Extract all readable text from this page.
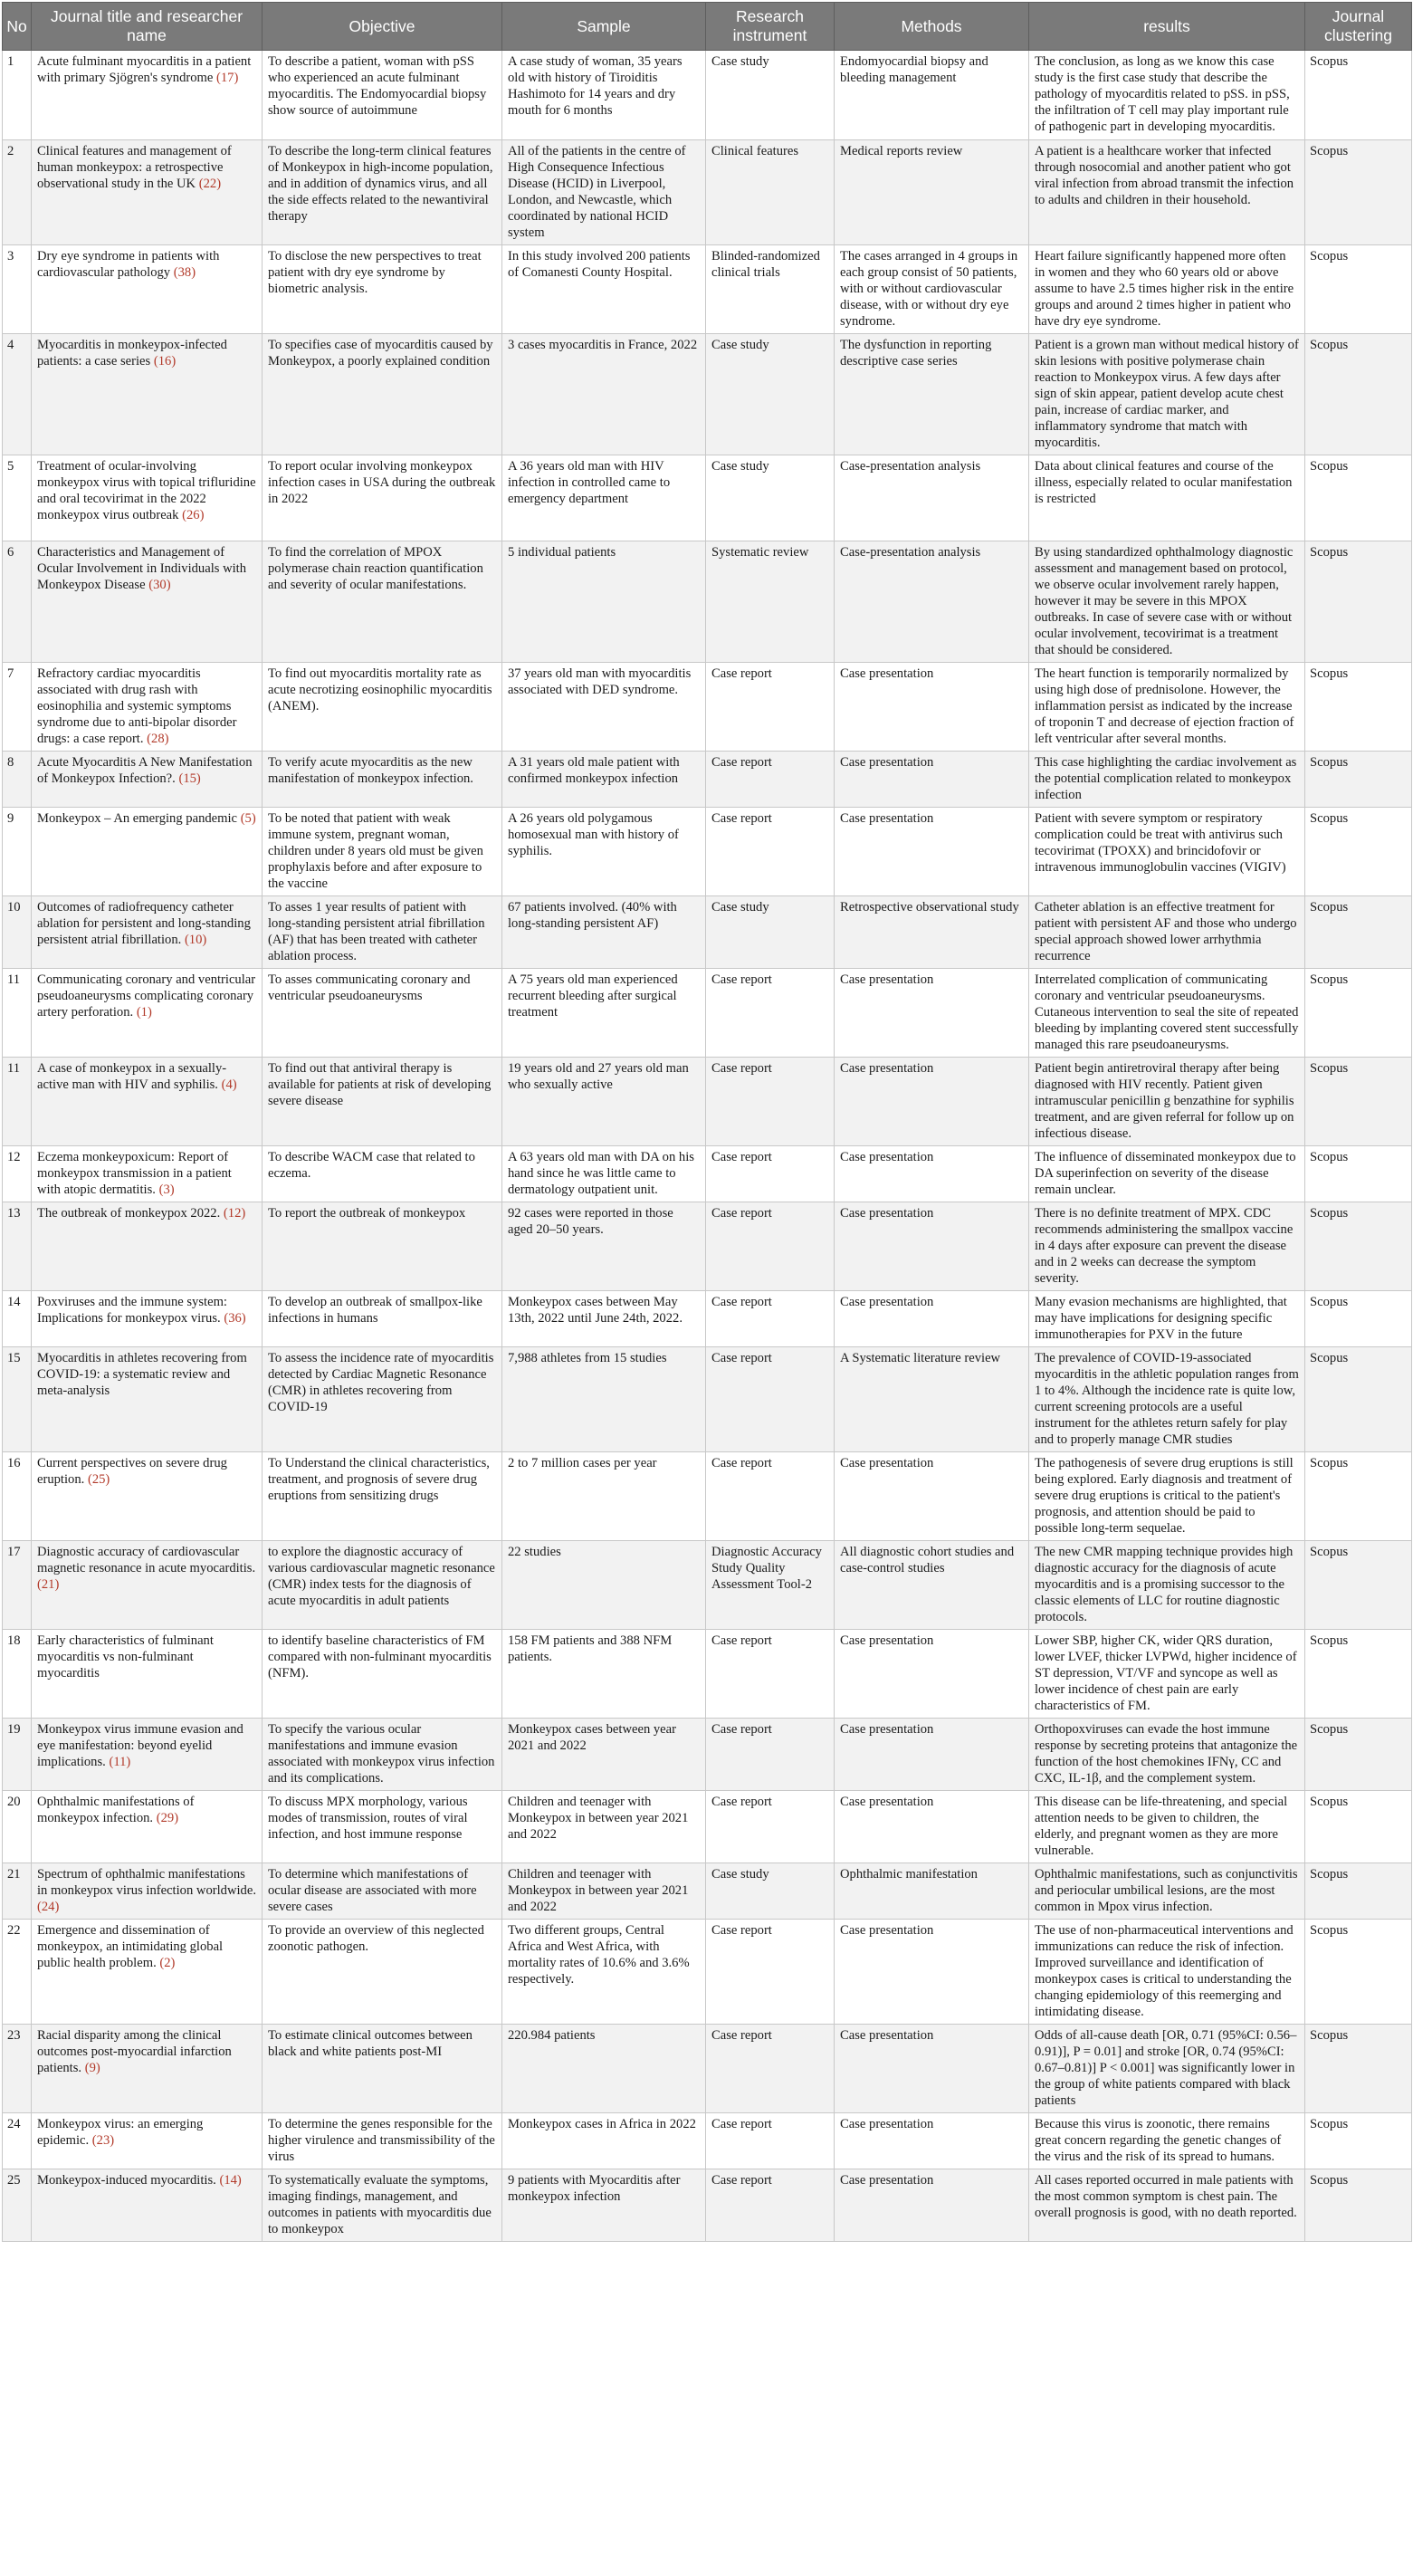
No	Journal title and researcher name	Objective	Sample	Research instrument	Methods	results	Journal clustering
1	Acute fulminant myocarditis in a patient with primary Sjögren's syndrome (17)	To describe a patient, woman with pSS who experienced an acute fulminant myocarditis. The Endomyocardial biopsy show source of autoimmune	A case study of woman, 35 years old with history of Tiroiditis Hashimoto for 14 years and dry mouth for 6 months	Case study	Endomyocardial biopsy and bleeding management	The conclusion, as long as we know this case study is the first case study that describe the pathology of myocarditis related to pSS. in pSS, the infiltration of T cell may play important rule of pathogenic part in developing myocarditis.	Scopus
2	Clinical features and management of human monkeypox: a retrospective observational study in the UK (22)	To describe the long-term clinical features of Monkeypox in high-income population, and in addition of dynamics virus, and all the side effects related to the newantiviral therapy	All of the patients in the centre of High Consequence Infectious Disease (HCID) in Liverpool, London, and Newcastle, which coordinated by national HCID system	Clinical features	Medical reports review	A patient is a healthcare worker that infected through nosocomial and another patient who got viral infection from abroad transmit the infection to adults and children in their household.	Scopus
3	Dry eye syndrome in patients with cardiovascular pathology (38)	To disclose the new perspectives to treat patient with dry eye syndrome by biometric analysis.	In this study involved 200 patients of Comanesti County Hospital.	Blinded-randomized clinical trials	The cases arranged in 4 groups in each group consist of 50 patients, with or without cardiovascular disease, with or without dry eye syndrome.	Heart failure significantly happened more often in women and they who 60 years old or above assume to have 2.5 times higher risk in the entire groups and around 2 times higher in patient who have dry eye syndrome.	Scopus
4	Myocarditis in monkeypox-infected patients: a case series (16)	To specifies case of myocarditis caused by Monkeypox, a poorly explained condition	3 cases myocarditis in France, 2022	Case study	The dysfunction in reporting descriptive case series	Patient is a grown man without medical history of skin lesions with positive polymerase chain reaction to Monkeypox virus. A few days after sign of skin appear, patient develop acute chest pain, increase of cardiac marker, and inflammatory syndrome that match with myocarditis.	Scopus
5	Treatment of ocular-involving monkeypox virus with topical trifluridine and oral tecovirimat in the 2022 monkeypox virus outbreak (26)	To report ocular involving monkeypox infection cases in USA during the outbreak in 2022	A 36 years old man with HIV infection in controlled came to emergency department	Case study	Case-presentation analysis	Data about clinical features and course of the illness, especially related to ocular manifestation is restricted	Scopus
6	Characteristics and Management of Ocular Involvement in Individuals with Monkeypox Disease (30)	To find the correlation of MPOX polymerase chain reaction quantification and severity of ocular manifestations.	5 individual patients	Systematic review	Case-presentation analysis	By using standardized ophthalmology diagnostic assessment and management based on protocol, we observe ocular involvement rarely happen, however it may be severe in this MPOX outbreaks. In case of severe case with or without ocular involvement, tecovirimat is a treatment that should be considered.	Scopus
7	Refractory cardiac myocarditis associated with drug rash with eosinophilia and systemic symptoms syndrome due to anti-bipolar disorder drugs: a case report. (28)	To find out myocarditis mortality rate as acute necrotizing eosinophilic myocarditis (ANEM).	37 years old man with myocarditis associated with DED syndrome.	Case report	Case presentation	The heart function is temporarily normalized by using high dose of prednisolone. However, the inflammation persist as indicated by the increase of troponin T and decrease of ejection fraction of left ventricular after several months.	Scopus
8	Acute Myocarditis A New Manifestation of Monkeypox Infection?. (15)	To verify acute myocarditis as the new manifestation of monkeypox infection.	A 31 years old male patient with confirmed monkeypox infection	Case report	Case presentation	This case highlighting the cardiac involvement as the potential complication related to monkeypox infection	Scopus
9	Monkeypox – An emerging pandemic (5)	To be noted that patient with weak immune system, pregnant woman, children under 8 years old must be given prophylaxis before and after exposure to the vaccine	A 26 years old polygamous homosexual man with history of syphilis.	Case report	Case presentation	Patient with severe symptom or respiratory complication could be treat with antivirus such tecovirimat (TPOXX) and brincidofovir or intravenous immunoglobulin vaccines (VIGIV)	Scopus
10	Outcomes of radiofrequency catheter ablation for persistent and long-standing persistent atrial fibrillation. (10)	To asses 1 year results of patient with long-standing persistent atrial fibrillation (AF) that has been treated with catheter ablation process.	67 patients involved. (40% with long-standing persistent AF)	Case study	Retrospective observational study	Catheter ablation is an effective treatment for patient with persistent AF and those who undergo special approach showed lower arrhythmia recurrence	Scopus
11	Communicating coronary and ventricular pseudoaneurysms complicating coronary artery perforation. (1)	To asses communicating coronary and ventricular pseudoaneurysms	A 75 years old man experienced recurrent bleeding after surgical treatment	Case report	Case presentation	Interrelated complication of communicating coronary and ventricular pseudoaneurysms. Cutaneous intervention to seal the site of repeated bleeding by implanting covered stent successfully managed this rare pseudoaneurysms.	Scopus
11	A case of monkeypox in a sexually-active man with HIV and syphilis. (4)	To find out that antiviral therapy is available for patients at risk of developing severe disease	19 years old and 27 years old man who sexually active	Case report	Case presentation	Patient begin antiretroviral therapy after being diagnosed with HIV recently. Patient given intramuscular penicillin g benzathine for syphilis treatment, and are given referral for follow up on infectious disease.	Scopus
12	Eczema monkeypoxicum: Report of monkeypox transmission in a patient with atopic dermatitis. (3)	To describe WACM case that related to eczema.	A 63 years old man with DA on his hand since he was little came to dermatology outpatient unit.	Case report	Case presentation	The influence of disseminated monkeypox due to DA superinfection on severity of the disease remain unclear.	Scopus
13	The outbreak of monkeypox 2022. (12)	To report the outbreak of monkeypox	92 cases were reported in those aged 20–50 years.	Case report	Case presentation	There is no definite treatment of MPX. CDC recommends administering the smallpox vaccine in 4 days after exposure can prevent the disease and in 2 weeks can decrease the symptom severity.	Scopus
14	Poxviruses and the immune system: Implications for monkeypox virus. (36)	To develop an outbreak of smallpox-like infections in humans	Monkeypox cases between May 13th, 2022 until June 24th, 2022.	Case report	Case presentation	Many evasion mechanisms are highlighted, that may have implications for designing specific immunotherapies for PXV in the future	Scopus
15	Myocarditis in athletes recovering from COVID-19: a systematic review and meta-analysis	To assess the incidence rate of myocarditis detected by Cardiac Magnetic Resonance (CMR) in athletes recovering from COVID-19	7,988 athletes from 15 studies	Case report	A Systematic literature review	The prevalence of COVID-19-associated myocarditis in the athletic population ranges from 1 to 4%. Although the incidence rate is quite low, current screening protocols are a useful instrument for the athletes return safely for play and to properly manage CMR studies	Scopus
16	Current perspectives on severe drug eruption. (25)	To Understand the clinical characteristics, treatment, and prognosis of severe drug eruptions from sensitizing drugs	2 to 7 million cases per year	Case report	Case presentation	The pathogenesis of severe drug eruptions is still being explored. Early diagnosis and treatment of severe drug eruptions is critical to the patient's prognosis, and attention should be paid to possible long-term sequelae.	Scopus
17	Diagnostic accuracy of cardiovascular magnetic resonance in acute myocarditis. (21)	to explore the diagnostic accuracy of various cardiovascular magnetic resonance (CMR) index tests for the diagnosis of acute myocarditis in adult patients	22 studies	Diagnostic Accuracy Study Quality Assessment Tool-2	All diagnostic cohort studies and case-control studies	The new CMR mapping technique provides high diagnostic accuracy for the diagnosis of acute myocarditis and is a promising successor to the classic elements of LLC for routine diagnostic protocols.	Scopus
18	Early characteristics of fulminant myocarditis vs non-fulminant myocarditis	to identify baseline characteristics of FM compared with non-fulminant myocarditis (NFM).	158 FM patients and 388 NFM patients.	Case report	Case presentation	Lower SBP, higher CK, wider QRS duration, lower LVEF, thicker LVPWd, higher incidence of ST depression, VT/VF and syncope as well as lower incidence of chest pain are early characteristics of FM.	Scopus
19	Monkeypox virus immune evasion and eye manifestation: beyond eyelid implications. (11)	To specify the various ocular manifestations and immune evasion associated with monkeypox virus infection and its complications.	Monkeypox cases between year 2021 and 2022	Case report	Case presentation	Orthopoxviruses can evade the host immune response by secreting proteins that antagonize the function of the host chemokines IFNγ, CC and CXC, IL-1β, and the complement system.	Scopus
20	Ophthalmic manifestations of monkeypox infection. (29)	To discuss MPX morphology, various modes of transmission, routes of viral infection, and host immune response	Children and teenager with Monkeypox in between year 2021 and 2022	Case report	Case presentation	This disease can be life-threatening, and special attention needs to be given to children, the elderly, and pregnant women as they are more vulnerable.	Scopus
21	Spectrum of ophthalmic manifestations in monkeypox virus infection worldwide. (24)	To determine which manifestations of ocular disease are associated with more severe cases	Children and teenager with Monkeypox in between year 2021 and 2022	Case study	Ophthalmic manifestation	Ophthalmic manifestations, such as conjunctivitis and periocular umbilical lesions, are the most common in Mpox virus infection.	Scopus
22	Emergence and dissemination of monkeypox, an intimidating global public health problem. (2)	To provide an overview of this neglected zoonotic pathogen.	Two different groups, Central Africa and West Africa, with mortality rates of 10.6% and 3.6% respectively.	Case report	Case presentation	The use of non-pharmaceutical interventions and immunizations can reduce the risk of infection. Improved surveillance and identification of monkeypox cases is critical to understanding the changing epidemiology of this reemerging and intimidating disease.	Scopus
23	Racial disparity among the clinical outcomes post-myocardial infarction patients. (9)	To estimate clinical outcomes between black and white patients post-MI	220.984 patients	Case report	Case presentation	Odds of all-cause death [OR, 0.71 (95%CI: 0.56–0.91)], P = 0.01] and stroke [OR, 0.74 (95%CI: 0.67–0.81)] P < 0.001] was significantly lower in the group of white patients compared with black patients	Scopus
24	Monkeypox virus: an emerging epidemic. (23)	To determine the genes responsible for the higher virulence and transmissibility of the virus	Monkeypox cases in Africa in 2022	Case report	Case presentation	Because this virus is zoonotic, there remains great concern regarding the genetic changes of the virus and the risk of its spread to humans.	Scopus
25	Monkeypox-induced myocarditis. (14)	To systematically evaluate the symptoms, imaging findings, management, and outcomes in patients with myocarditis due to monkeypox	9 patients with Myocarditis after monkeypox infection	Case report	Case presentation	All cases reported occurred in male patients with the most common symptom is chest pain. The overall prognosis is good, with no death reported.	Scopus
